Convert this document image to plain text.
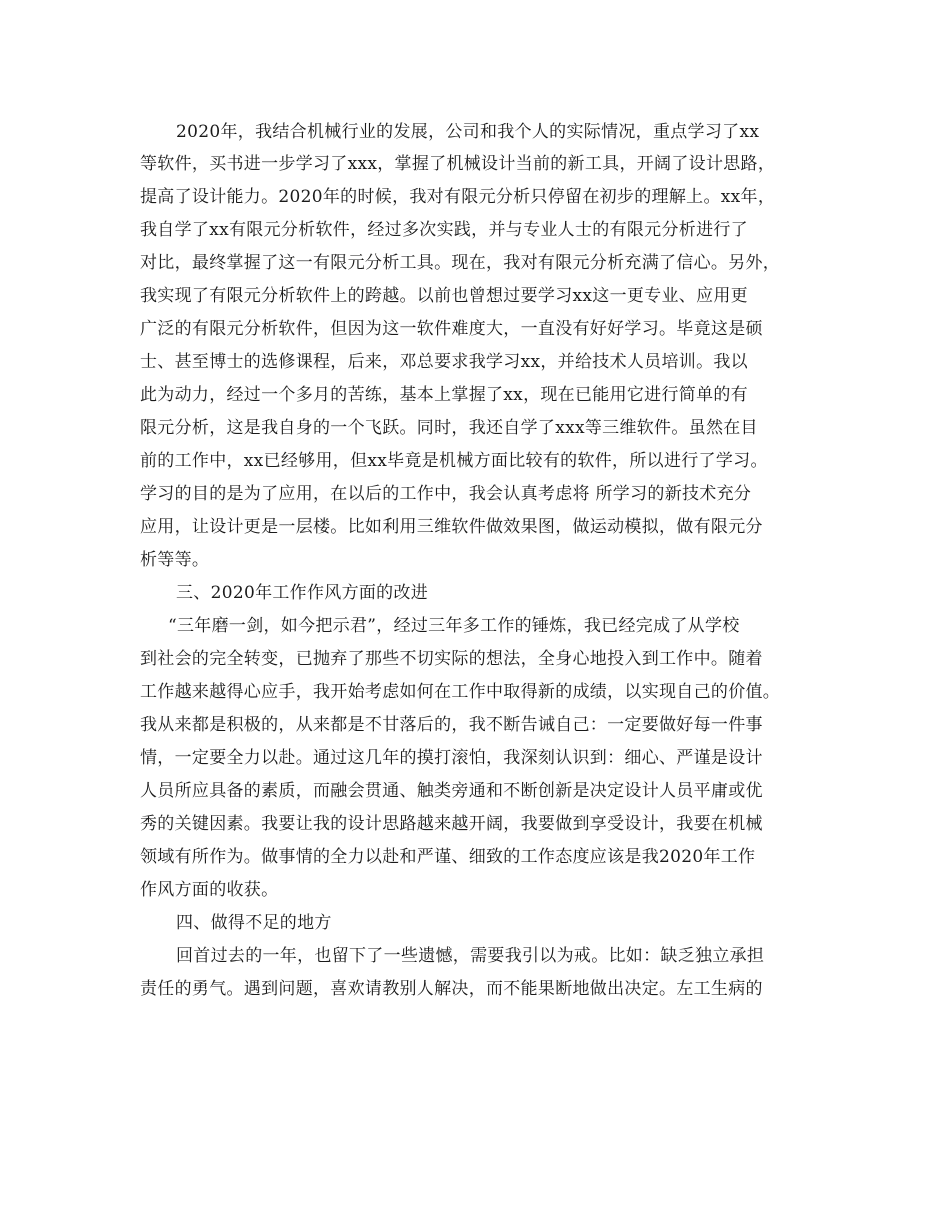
2020年，我结合机械行业的发展，公司和我个人的实际情况，重点学习了xx
等软件，买书进一步学习了xxx，掌握了机械设计当前的新工具，开阔了设计思路，
提高了设计能力。2020年的时候，我对有限元分析只停留在初步的理解上。xx年，
我自学了xx有限元分析软件，经过多次实践，并与专业人士的有限元分析进行了
对比，最终掌握了这一有限元分析工具。现在，我对有限元分析充满了信心。另外，
我实现了有限元分析软件上的跨越。以前也曾想过要学习xx这一更专业、应用更
广泛的有限元分析软件，但因为这一软件难度大，一直没有好好学习。毕竟这是硕
士、甚至博士的选修课程，后来，邓总要求我学习xx，并给技术人员培训。我以
此为动力，经过一个多月的苦练，基本上掌握了xx，现在已能用它进行简单的有
限元分析，这是我自身的一个飞跃。同时，我还自学了xxx等三维软件。虽然在目
前的工作中，xx已经够用，但xx毕竟是机械方面比较有的软件，所以进行了学习。
学习的目的是为了应用，在以后的工作中，我会认真考虑将 所学习的新技术充分
应用，让设计更是一层楼。比如利用三维软件做效果图，做运动模拟，做有限元分
析等等。
三、2020年工作作风方面的改进
“三年磨一剑，如今把示君”，经过三年多工作的锤炼，我已经完成了从学校
到社会的完全转变，已抛弃了那些不切实际的想法，全身心地投入到工作中。随着
工作越来越得心应手，我开始考虑如何在工作中取得新的成绩，以实现自己的价值。
我从来都是积极的，从来都是不甘落后的，我不断告诫自己：一定要做好每一件事
情，一定要全力以赴。通过这几年的摸打滚怕，我深刻认识到：细心、严谨是设计
人员所应具备的素质，而融会贯通、触类旁通和不断创新是决定设计人员平庸或优
秀的关键因素。我要让我的设计思路越来越开阔，我要做到享受设计，我要在机械
领域有所作为。做事情的全力以赴和严谨、细致的工作态度应该是我2020年工作
作风方面的收获。
四、做得不足的地方
回首过去的一年，也留下了一些遗憾，需要我引以为戒。比如：缺乏独立承担
责任的勇气。遇到问题，喜欢请教别人解决，而不能果断地做出决定。左工生病的
